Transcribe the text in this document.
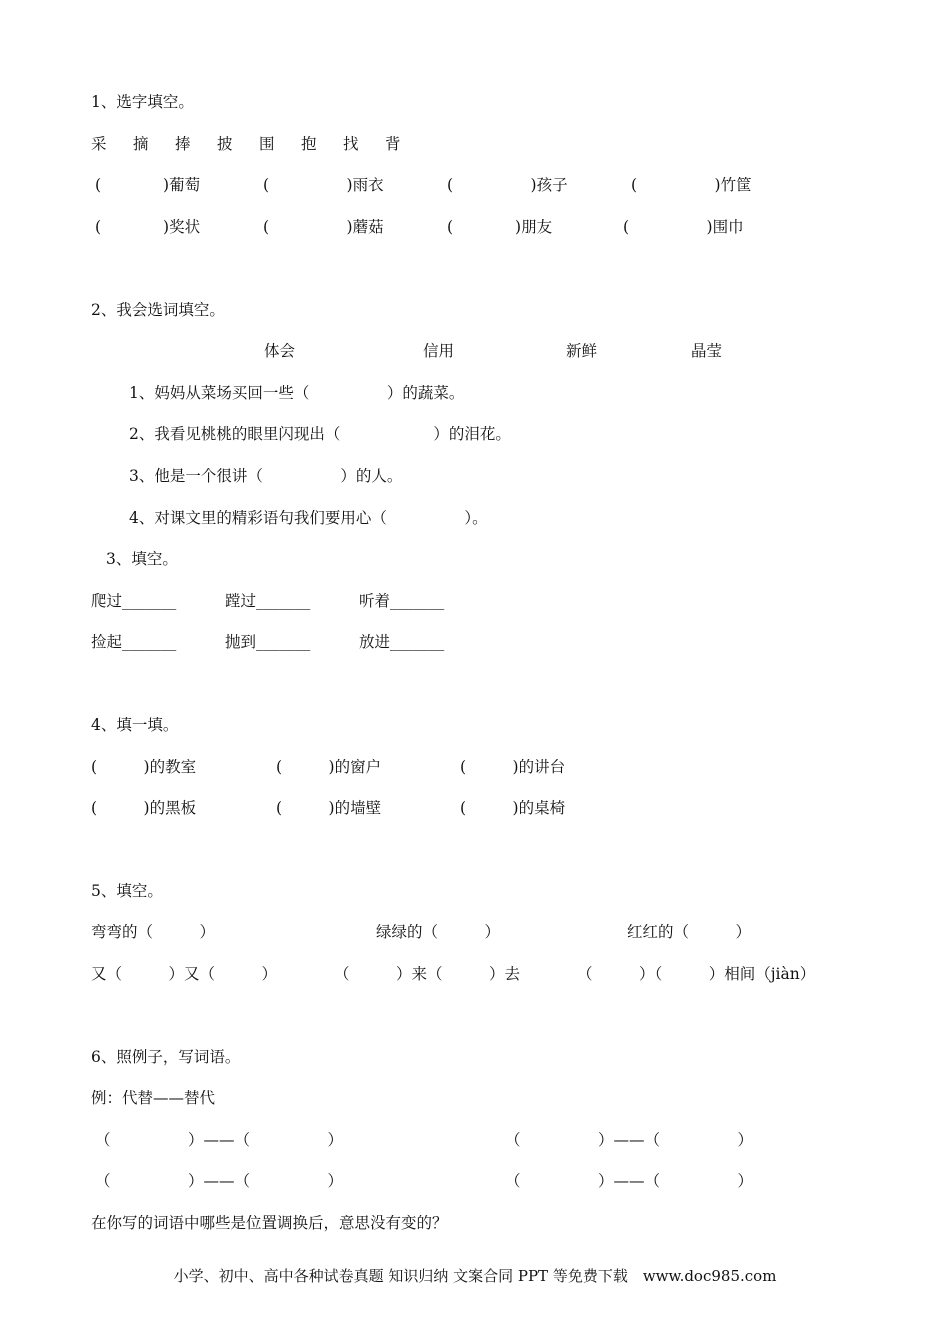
1、选字填空。
采 摘 捧 披 围 抱 找 背
(　　　　)葡萄	(　　　　　)雨衣	(　　　　　)孩子	(　　　　　)竹筐
(　　　　)奖状	(　　　　　)蘑菇	(　　　　)朋友	(　　　　　)围巾
2、我会选词填空。
体会	信用	新鲜	晶莹
1、妈妈从菜场买回一些（　　　　　）的蔬菜。
2、我看见桃桃的眼里闪现出（　　　　　　）的泪花。
3、他是一个很讲（　　　　　）的人。
4、对课文里的精彩语句我们要用心（　　　　　）。
3、填空。
爬过_______	蹚过_______	听着_______
捡起_______	抛到_______	放进_______
4、填一填。
(　　　)的教室	(　　　)的窗户	(　　　)的讲台
(　　　)的黑板	(　　　)的墙壁	(　　　)的桌椅
5、填空。
弯弯的（　　　）	绿绿的（　　　）	红红的（　　　）
又（　　　）又（　　　）	（　　　）来（　　　）去	（　　　）（　　　）相间（jiàn）
6、照例子，写词语。
例：代替——替代
（　　　　　）——（　　　　　）	（　　　　　）——（　　　　　）
（　　　　　）——（　　　　　）	（　　　　　）——（　　　　　）
在你写的词语中哪些是位置调换后，意思没有变的？
小学、初中、高中各种试卷真题 知识归纳 文案合同 PPT 等免费下载　www.doc985.com
